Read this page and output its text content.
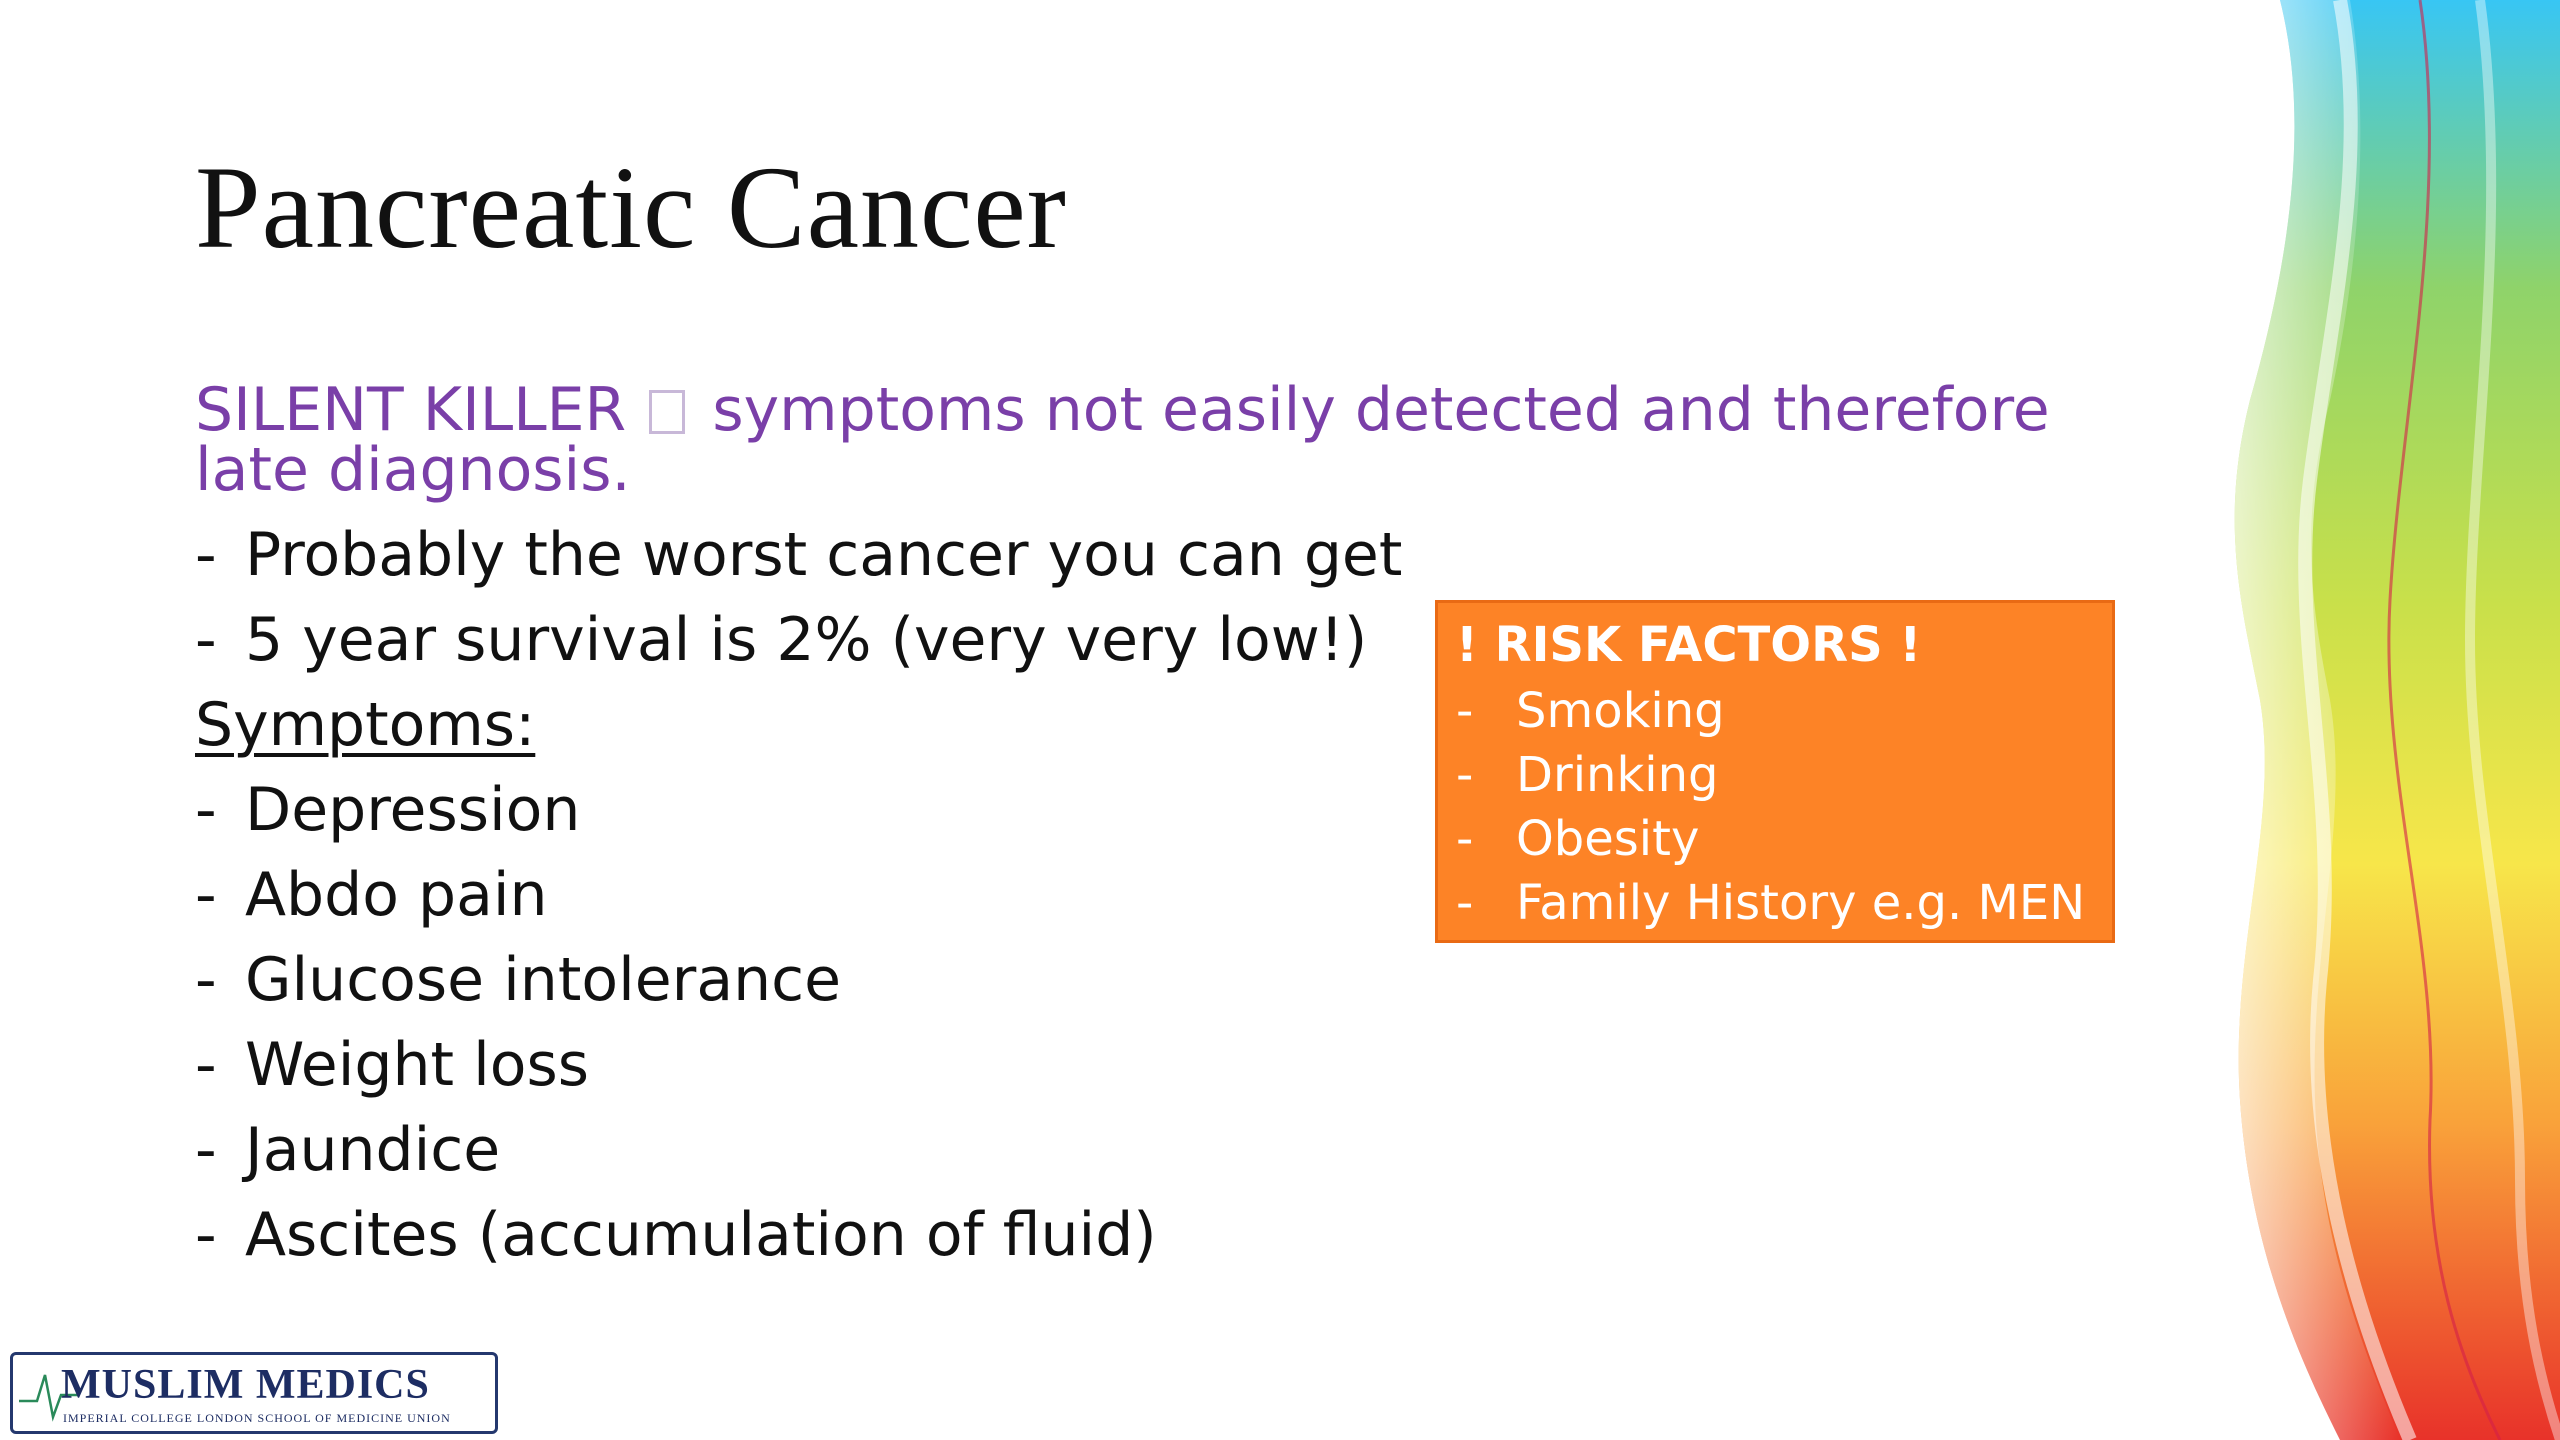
Pancreatic Cancer
SILENT KILLER symptoms not easily detected and therefore late diagnosis.
- Probably the worst cancer you can get
- 5 year survival is 2% (very very low!)
Symptoms:
- Depression
- Abdo pain
- Glucose intolerance
- Weight loss
- Jaundice
- Ascites (accumulation of fluid)
! RISK FACTORS !
- Smoking
- Drinking
- Obesity
- Family History e.g. MEN
MUSLIM MEDICS
IMPERIAL COLLEGE LONDON SCHOOL OF MEDICINE UNION
